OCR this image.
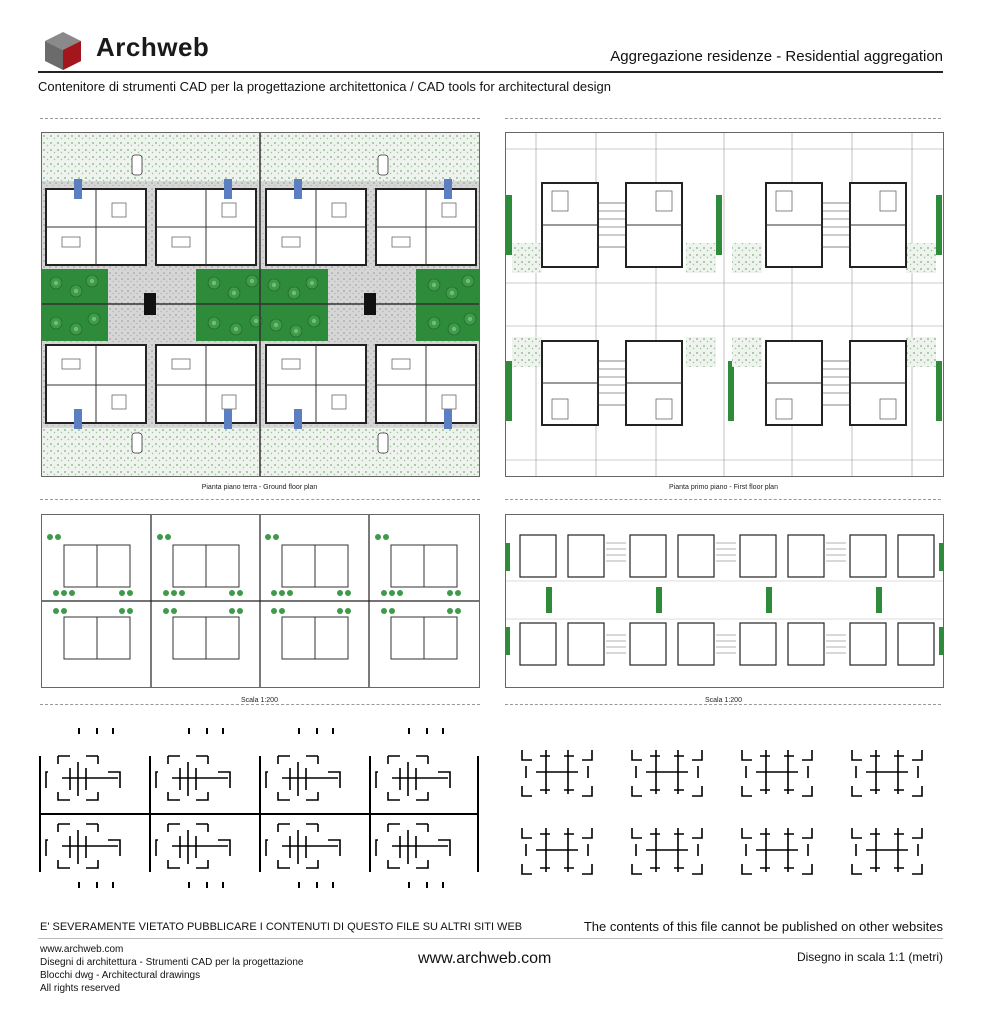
Archweb	Aggregazione residenze - Residential aggregation
Contenitore di strumenti CAD per la progettazione architettonica / CAD tools for architectural design
Pianta piano terra - Ground floor plan	Pianta primo piano - First floor plan
Scala 1:200	Scala 1:200
E' SEVERAMENTE VIETATO PUBBLICARE I CONTENUTI DI QUESTO FILE SU ALTRI SITI WEB	The contents of this file cannot be published on other websites
www.archweb.com
Disegni di architettura - Strumenti CAD per la progettazione
Blocchi dwg - Architectural drawings
All rights reserved
www.archweb.com	Disegno in scala 1:1 (metri)
